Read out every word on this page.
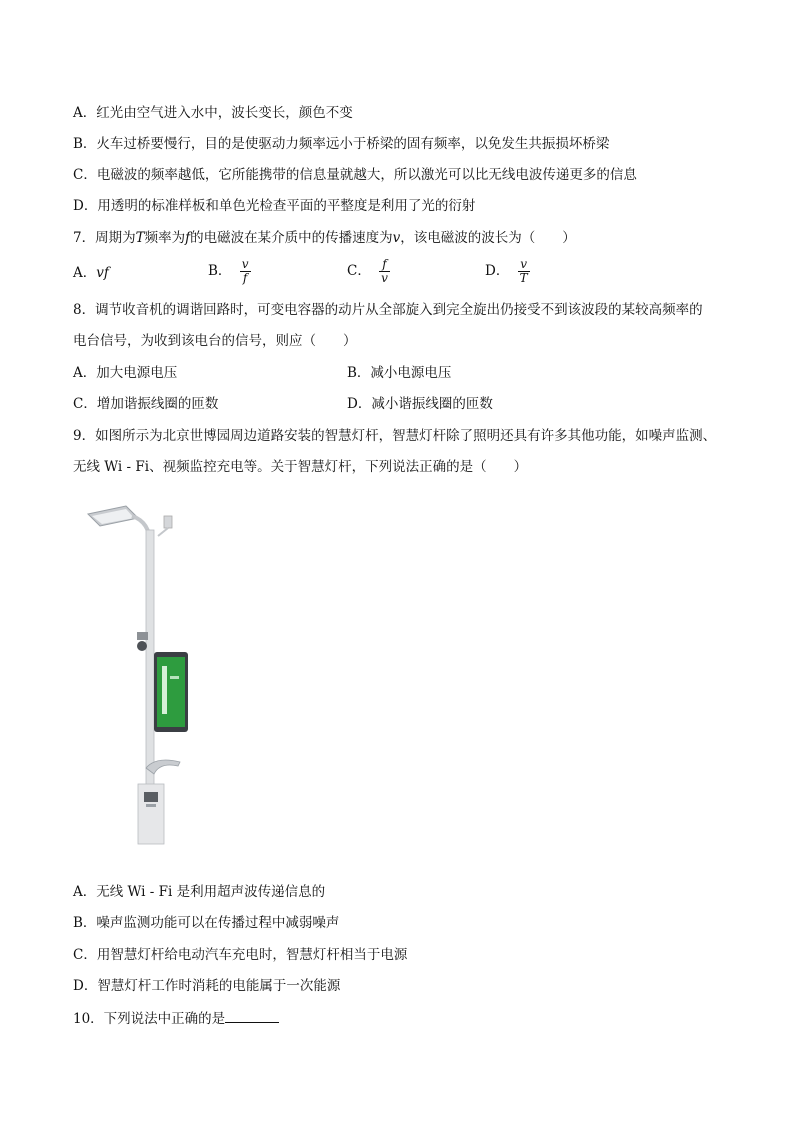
A．红光由空气进入水中，波长变长，颜色不变
B．火车过桥要慢行，目的是使驱动力频率远小于桥梁的固有频率，以免发生共振损坏桥梁
C．电磁波的频率越低，它所能携带的信息量就越大，所以激光可以比无线电波传递更多的信息
D．用透明的标准样板和单色光检查平面的平整度是利用了光的衍射
7．周期为T频率为f的电磁波在某介质中的传播速度为v，该电磁波的波长为（　　）
A．vf	B． $\frac{v}{f}$	C． $\frac{f}{v}$	D． $\frac{v}{T}$
8．调节收音机的调谐回路时，可变电容器的动片从全部旋入到完全旋出仍接受不到该波段的某较高频率的
电台信号，为收到该电台的信号，则应（　　）
A．加大电源电压	B．减小电源电压
C．增加谐振线圈的匝数	D．减小谐振线圈的匝数
9．如图所示为北京世博园周边道路安装的智慧灯杆，智慧灯杆除了照明还具有许多其他功能，如噪声监测、
无线 Wi - Fi、视频监控充电等。关于智慧灯杆，下列说法正确的是（　　）
A．无线 Wi - Fi 是利用超声波传递信息的
B．噪声监测功能可以在传播过程中减弱噪声
C．用智慧灯杆给电动汽车充电时，智慧灯杆相当于电源
D．智慧灯杆工作时消耗的电能属于一次能源
10．下列说法中正确的是
